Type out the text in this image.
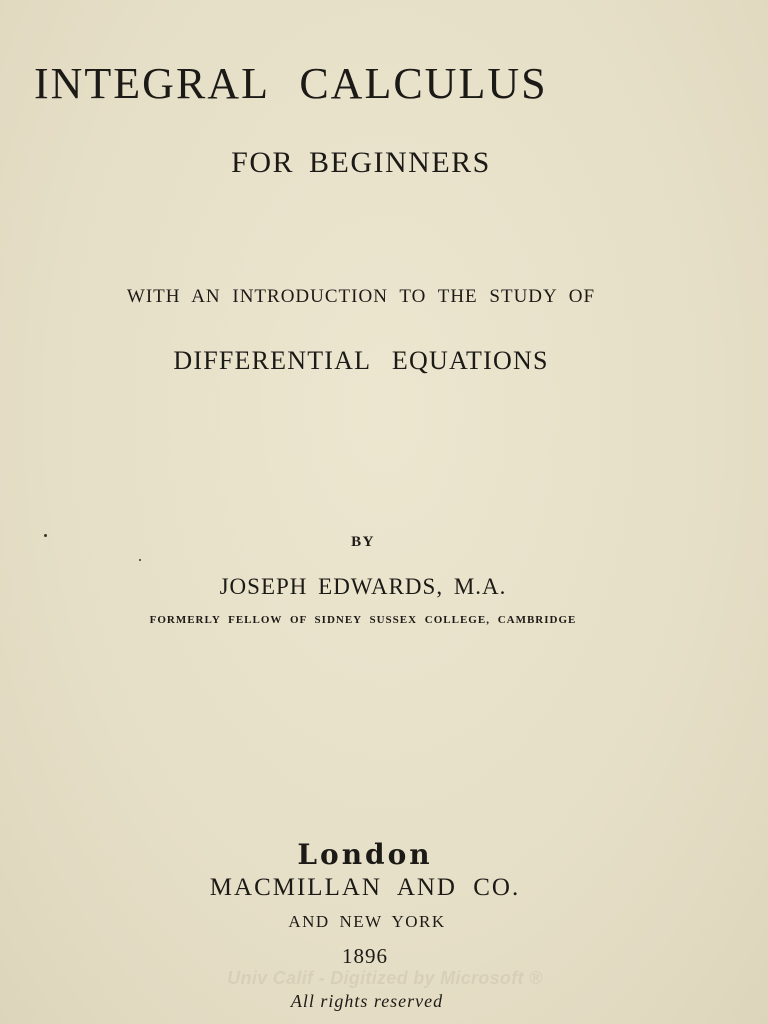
INTEGRAL CALCULUS
FOR BEGINNERS
WITH AN INTRODUCTION TO THE STUDY OF
DIFFERENTIAL EQUATIONS
BY
JOSEPH EDWARDS, M.A.
FORMERLY FELLOW OF SIDNEY SUSSEX COLLEGE, CAMBRIDGE
London
MACMILLAN AND CO.
AND NEW YORK
1896
Univ Calif - Digitized by Microsoft ®
All rights reserved
